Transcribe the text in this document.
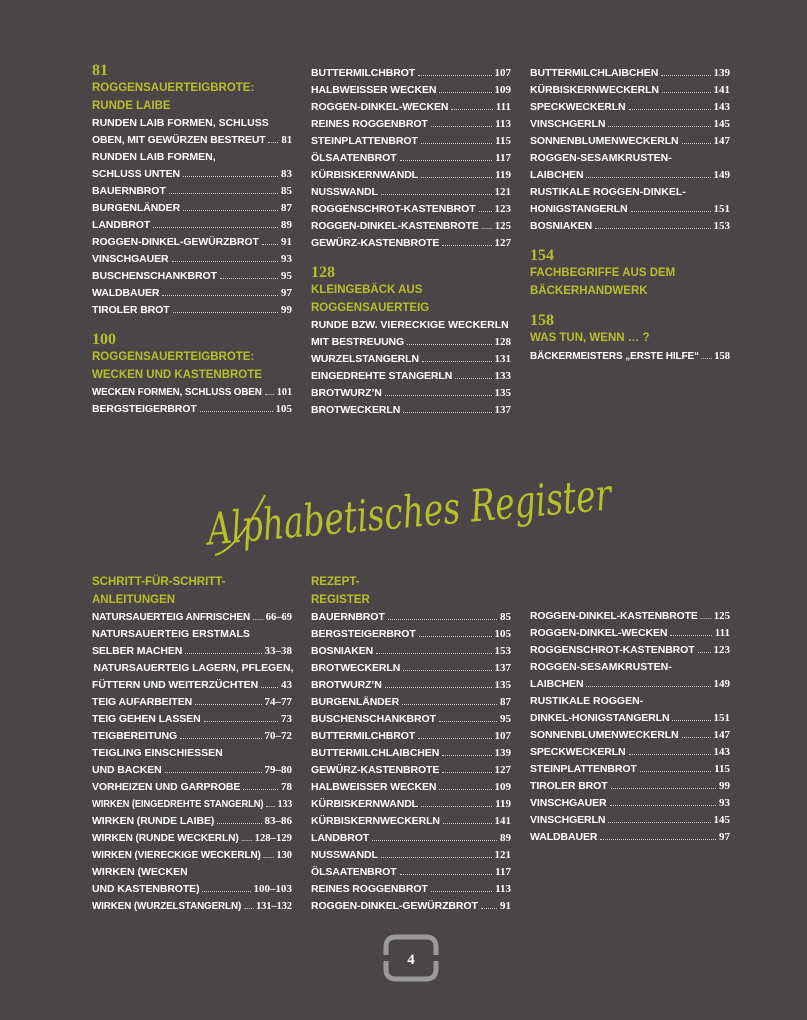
81
ROGGENSAUERTEIGBROTE:
RUNDE LAIBE
RUNDEN LAIB FORMEN, SCHLUSS
OBEN, MIT GEWÜRZEN BESTREUT 81
RUNDEN LAIB FORMEN,
SCHLUSS UNTEN	83
BAUERNBROT	85
BURGENLÄNDER	87
LANDBROT	89
ROGGEN-DINKEL-GEWÜRZBROT 91
VINSCHGAUER	93
BUSCHENSCHANKBROT	95
WALDBAUER	97
TIROLER BROT	99
100
ROGGENSAUERTEIGBROTE:
WECKEN UND KASTENBROTE
WECKEN FORMEN, SCHLUSS OBEN 101
BERGSTEIGERBROT	105
BUTTERMILCHBROT	107
HALBWEISSER WECKEN	109
ROGGEN-DINKEL-WECKEN	111
REINES ROGGENBROT	113
STEINPLATTENBROT	115
ÖLSAATENBROT	117
KÜRBISKERNWANDL	119
NUSSWANDL	121
ROGGENSCHROT-KASTENBROT 123
ROGGEN-DINKEL-KASTENBROTE 125
GEWÜRZ-KASTENBROTE	127
128
KLEINGEBÄCK AUS
ROGGENSAUERTEIG
RUNDE BZW. VIERECKIGE WECKERLN
MIT BESTREUUNG	128
WURZELSTANGERLN	131
EINGEDREHTE STANGERLN	133
BROTWURZ’N	135
BROTWECKERLN	137
BUTTERMILCHLAIBCHEN	139
KÜRBISKERNWECKERLN	141
SPECKWECKERLN	143
VINSCHGERLN	145
SONNENBLUMENWECKERLN	147
ROGGEN-SESAMKRUSTEN-
LAIBCHEN	149
RUSTIKALE ROGGEN-DINKEL-
HONIGSTANGERLN	151
BOSNIAKEN	153
154
FACHBEGRIFFE AUS DEM
BÄCKERHANDWERK
158
WAS TUN, WENN … ?
BÄCKERMEISTERS „ERSTE HILFE“ 158
Alphabetisches Register
SCHRITT-FÜR-SCHRITT-
ANLEITUNGEN
NATURSAUERTEIG ANFRISCHEN 66–69
NATURSAUERTEIG ERSTMALS
SELBER MACHEN	33–38
NATURSAUERTEIG LAGERN, PFLEGEN,
FÜTTERN UND WEITERZÜCHTEN 43
TEIG AUFARBEITEN	74–77
TEIG GEHEN LASSEN	73
TEIGBEREITUNG	70–72
TEIGLING EINSCHIESSEN
UND BACKEN	79–80
VORHEIZEN UND GARPROBE	78
WIRKEN (EINGEDREHTE STANGERLN) 133
WIRKEN (RUNDE LAIBE)	83–86
WIRKEN (RUNDE WECKERLN) 128–129
WIRKEN (VIERECKIGE WECKERLN) 130
WIRKEN (WECKEN
UND KASTENBROTE)	100–103
WIRKEN (WURZELSTANGERLN) 131–132
REZEPT-
REGISTER
BAUERNBROT	85
BERGSTEIGERBROT	105
BOSNIAKEN	153
BROTWECKERLN	137
BROTWURZ’N	135
BURGENLÄNDER	87
BUSCHENSCHANKBROT	95
BUTTERMILCHBROT	107
BUTTERMILCHLAIBCHEN	139
GEWÜRZ-KASTENBROTE	127
HALBWEISSER WECKEN	109
KÜRBISKERNWANDL	119
KÜRBISKERNWECKERLN	141
LANDBROT	89
NUSSWANDL	121
ÖLSAATENBROT	117
REINES ROGGENBROT	113
ROGGEN-DINKEL-GEWÜRZBROT 91
ROGGEN-DINKEL-KASTENBROTE 125
ROGGEN-DINKEL-WECKEN	111
ROGGENSCHROT-KASTENBROT 123
ROGGEN-SESAMKRUSTEN-
LAIBCHEN	149
RUSTIKALE ROGGEN-
DINKEL-HONIGSTANGERLN	151
SONNENBLUMENWECKERLN	147
SPECKWECKERLN	143
STEINPLATTENBROT	115
TIROLER BROT	99
VINSCHGAUER	93
VINSCHGERLN	145
WALDBAUER	97
4
